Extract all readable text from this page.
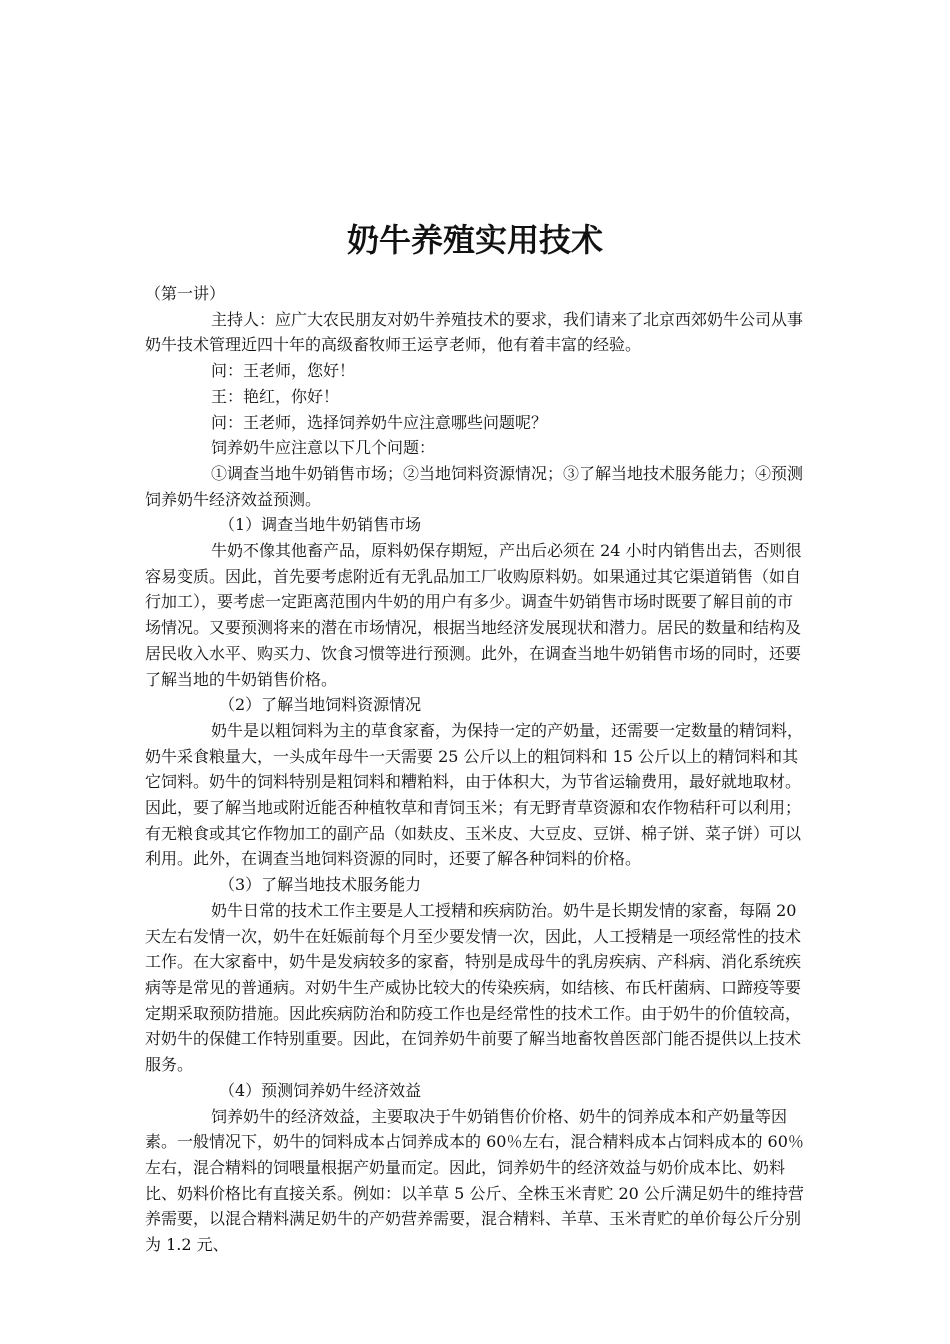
奶牛养殖实用技术

（第一讲）

主持人：应广大农民朋友对奶牛养殖技术的要求，我们请来了北京西郊奶牛公司从事奶牛技术管理近四十年的高级畜牧师王运亨老师，他有着丰富的经验。

问：王老师，您好！

王：艳红，你好！

问：王老师，选择饲养奶牛应注意哪些问题呢？

饲养奶牛应注意以下几个问题：

①调查当地牛奶销售市场；②当地饲料资源情况；③了解当地技术服务能力；④预测饲养奶牛经济效益预测。

（1）调查当地牛奶销售市场

牛奶不像其他畜产品，原料奶保存期短，产出后必须在 24 小时内销售出去，否则很容易变质。因此，首先要考虑附近有无乳品加工厂收购原料奶。如果通过其它渠道销售（如自行加工），要考虑一定距离范围内牛奶的用户有多少。调查牛奶销售市场时既要了解目前的市场情况。又要预测将来的潜在市场情况，根据当地经济发展现状和潜力。居民的数量和结构及居民收入水平、购买力、饮食习惯等进行预测。此外，在调查当地牛奶销售市场的同时，还要了解当地的牛奶销售价格。

（2）了解当地饲料资源情况

奶牛是以粗饲料为主的草食家畜，为保持一定的产奶量，还需要一定数量的精饲料，奶牛采食粮量大，一头成年母牛一天需要 25 公斤以上的粗饲料和 15 公斤以上的精饲料和其它饲料。奶牛的饲料特别是粗饲料和糟粕料，由于体积大，为节省运输费用，最好就地取材。因此，要了解当地或附近能否种植牧草和青饲玉米；有无野青草资源和农作物秸秆可以利用；有无粮食或其它作物加工的副产品（如麸皮、玉米皮、大豆皮、豆饼、棉子饼、菜子饼）可以利用。此外，在调查当地饲料资源的同时，还要了解各种饲料的价格。

（3）了解当地技术服务能力

奶牛日常的技术工作主要是人工授精和疾病防治。奶牛是长期发情的家畜，每隔 20 天左右发情一次，奶牛在妊娠前每个月至少要发情一次，因此，人工授精是一项经常性的技术工作。在大家畜中，奶牛是发病较多的家畜，特别是成母牛的乳房疾病、产科病、消化系统疾病等是常见的普通病。对奶牛生产威协比较大的传染疾病，如结核、布氏杆菌病、口蹄疫等要定期采取预防措施。因此疾病防治和防疫工作也是经常性的技术工作。由于奶牛的价值较高，对奶牛的保健工作特别重要。因此，在饲养奶牛前要了解当地畜牧兽医部门能否提供以上技术服务。

（4）预测饲养奶牛经济效益

饲养奶牛的经济效益，主要取决于牛奶销售价价格、奶牛的饲养成本和产奶量等因素。一般情况下，奶牛的饲料成本占饲养成本的 60％左右，混合精料成本占饲料成本的 60％左右，混合精料的饲喂量根据产奶量而定。因此，饲养奶牛的经济效益与奶价成本比、奶料比、奶料价格比有直接关系。例如：以羊草 5 公斤、全株玉米青贮 20 公斤满足奶牛的维持营养需要，以混合精料满足奶牛的产奶营养需要，混合精料、羊草、玉米青贮的单价每公斤分别为 1.2 元、
